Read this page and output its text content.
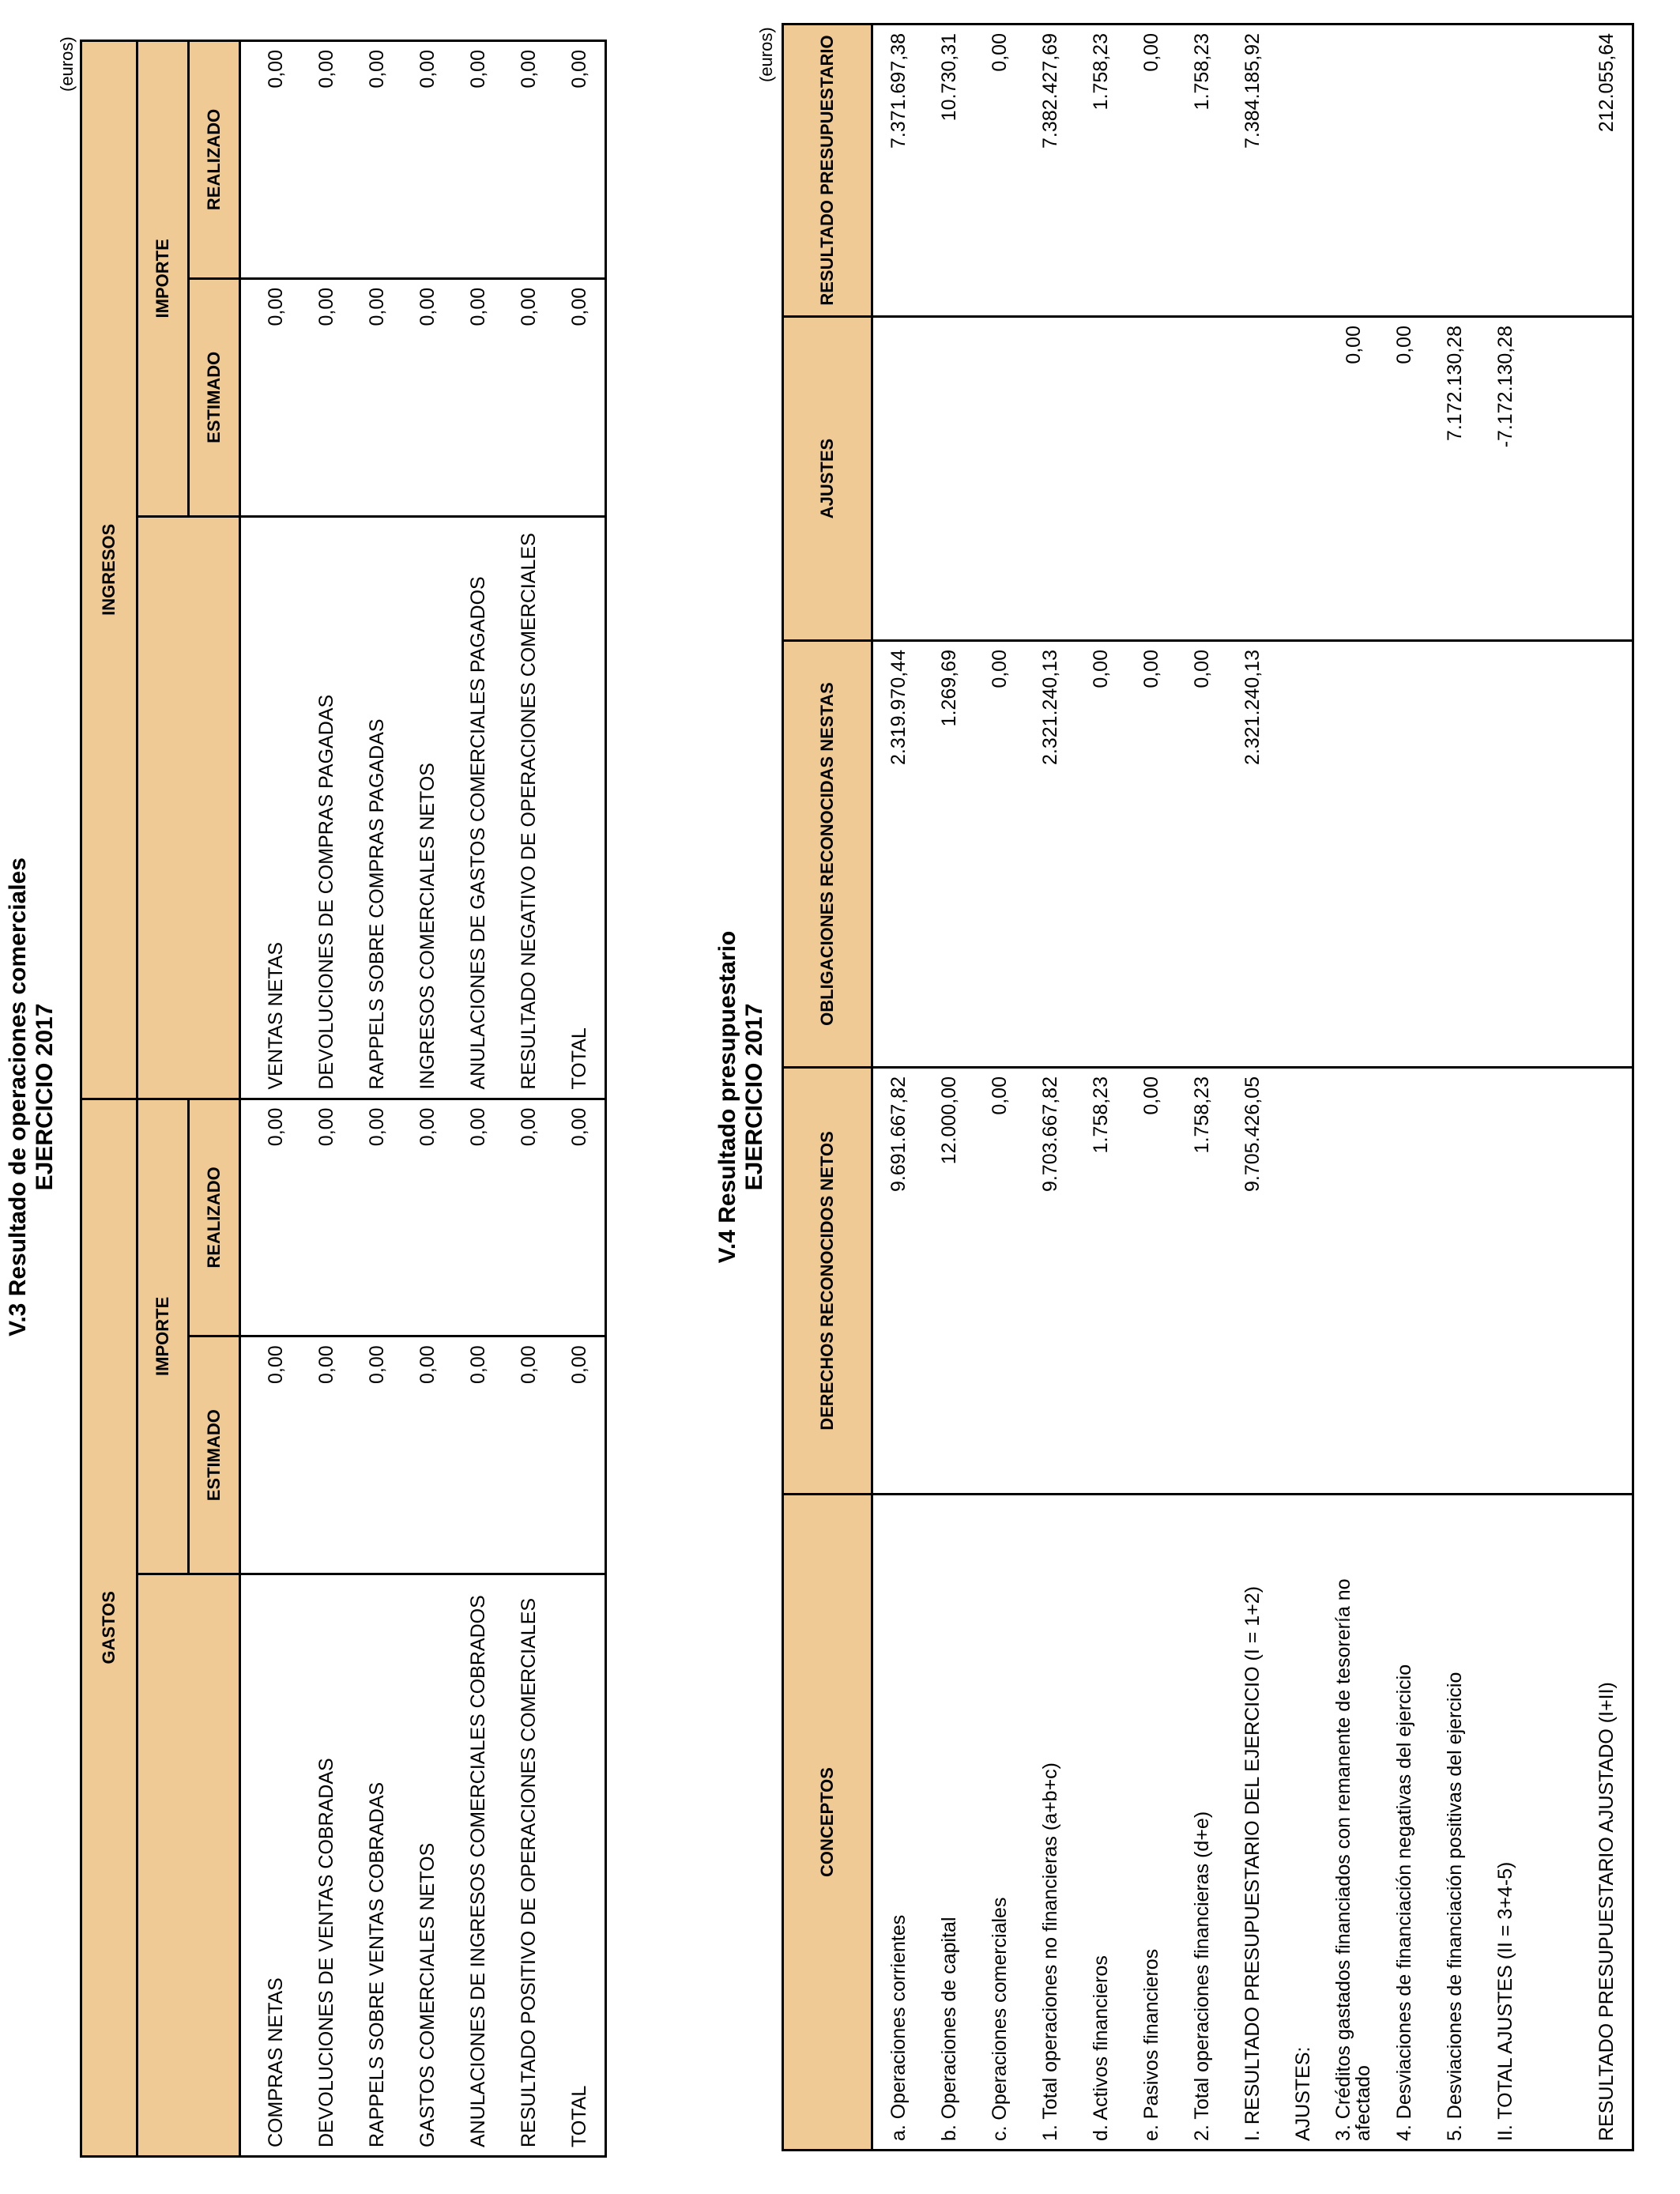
V.3 Resultado de operaciones comerciales EJERCICIO 2017
(euros)
GASTOS			INGRESOS		
	IMPORTE			IMPORTE	
	ESTIMADO	REALIZADO		ESTIMADO	REALIZADO
COMPRAS NETAS	0,00	0,00	VENTAS NETAS	0,00	0,00
DEVOLUCIONES DE VENTAS COBRADAS	0,00	0,00	DEVOLUCIONES DE COMPRAS PAGADAS	0,00	0,00
RAPPELS SOBRE VENTAS COBRADAS	0,00	0,00	RAPPELS SOBRE COMPRAS PAGADAS	0,00	0,00
GASTOS COMERCIALES NETOS	0,00	0,00	INGRESOS COMERCIALES NETOS	0,00	0,00
ANULACIONES DE INGRESOS COMERCIALES COBRADOS	0,00	0,00	ANULACIONES DE GASTOS COMERCIALES PAGADOS	0,00	0,00
RESULTADO POSITIVO DE OPERACIONES COMERCIALES	0,00	0,00	RESULTADO NEGATIVO DE OPERACIONES COMERCIALES	0,00	0,00
TOTAL	0,00	0,00	TOTAL	0,00	0,00
V.4 Resultado presupuestario EJERCICIO 2017
(euros)
CONCEPTOS	DERECHOS RECONOCIDOS NETOS	OBLIGACIONES RECONOCIDAS NESTAS	AJUSTES	RESULTADO PRESUPUESTARIO
a. Operaciones corrientes	9.691.667,82	2.319.970,44		7.371.697,38
b. Operaciones de capital	12.000,00	1.269,69		10.730,31
c. Operaciones comerciales	0,00	0,00		0,00
1. Total operaciones no financieras (a+b+c)	9.703.667,82	2.321.240,13		7.382.427,69
d. Activos financieros	1.758,23	0,00		1.758,23
e. Pasivos financieros	0,00	0,00		0,00
2. Total operaciones financieras (d+e)	1.758,23	0,00		1.758,23
I. RESULTADO PRESUPUESTARIO DEL EJERCICIO (I = 1+2)	9.705.426,05	2.321.240,13		7.384.185,92
AJUSTES:				
3. Créditos gastados financiados con remanente de tesorería no afectado			0,00	
4. Desviaciones de financiación negativas del ejercicio			0,00	
5. Desviaciones de financiación positivas del ejercicio			7.172.130,28	
II. TOTAL AJUSTES (II = 3+4-5)			-7.172.130,28	

RESULTADO PRESUPUESTARIO AJUSTADO (I+II)				212.055,64
